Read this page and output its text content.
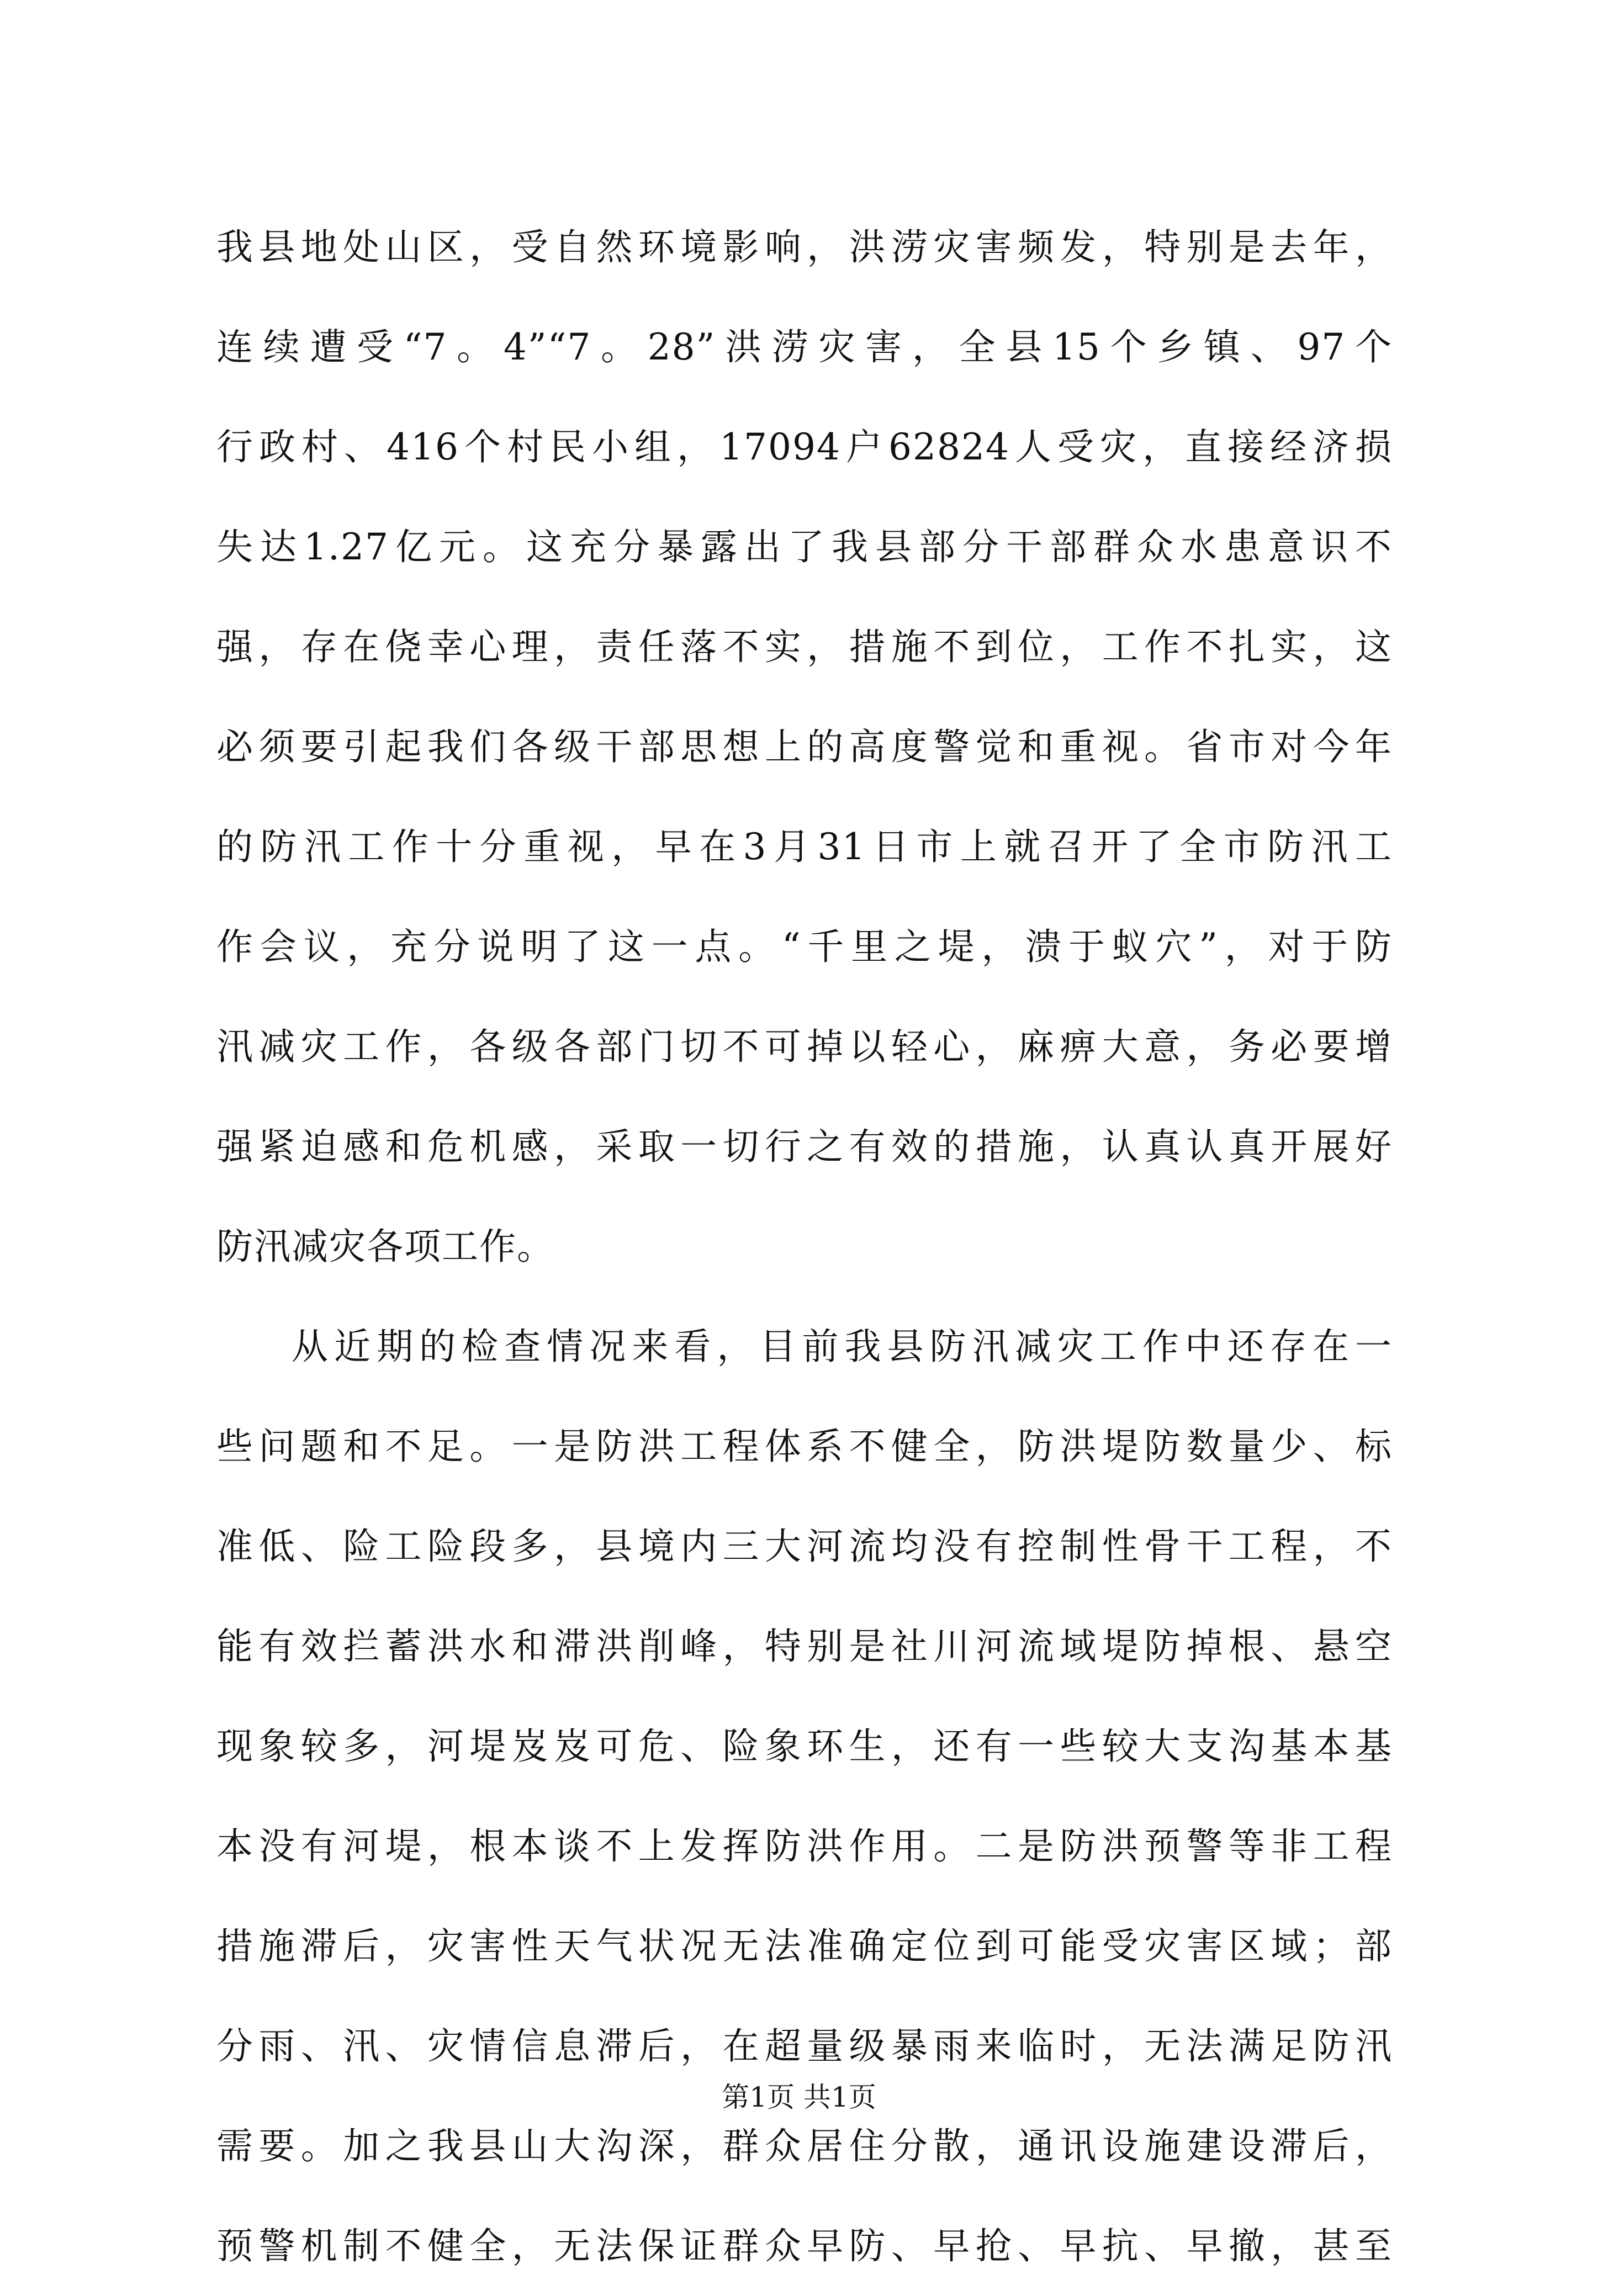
我县地处山区，受自然环境影响，洪涝灾害频发，特别是去年，
连续遭受“7。4”“7。28”洪涝灾害，全县15个乡镇、97个
行政村、416个村民小组，17094户62824人受灾，直接经济损
失达1.27亿元。这充分暴露出了我县部分干部群众水患意识不
强，存在侥幸心理，责任落不实，措施不到位，工作不扎实，这
必须要引起我们各级干部思想上的高度警觉和重视。省市对今年
的防汛工作十分重视，早在3月31日市上就召开了全市防汛工
作会议，充分说明了这一点。“千里之堤，溃于蚁穴”，对于防
汛减灾工作，各级各部门切不可掉以轻心，麻痹大意，务必要增
强紧迫感和危机感，采取一切行之有效的措施，认真认真开展好
防汛减灾各项工作。
从近期的检查情况来看，目前我县防汛减灾工作中还存在一
些问题和不足。一是防洪工程体系不健全，防洪堤防数量少、标
准低、险工险段多，县境内三大河流均没有控制性骨干工程，不
能有效拦蓄洪水和滞洪削峰，特别是社川河流域堤防掉根、悬空
现象较多，河堤岌岌可危、险象环生，还有一些较大支沟基本基
本没有河堤，根本谈不上发挥防洪作用。二是防洪预警等非工程
措施滞后，灾害性天气状况无法准确定位到可能受灾害区域；部
分雨、汛、灾情信息滞后，在超量级暴雨来临时，无法满足防汛
需要。加之我县山大沟深，群众居住分散，通讯设施建设滞后，
预警机制不健全，无法保证群众早防、早抢、早抗、早撤，甚至
第1页 共1页
